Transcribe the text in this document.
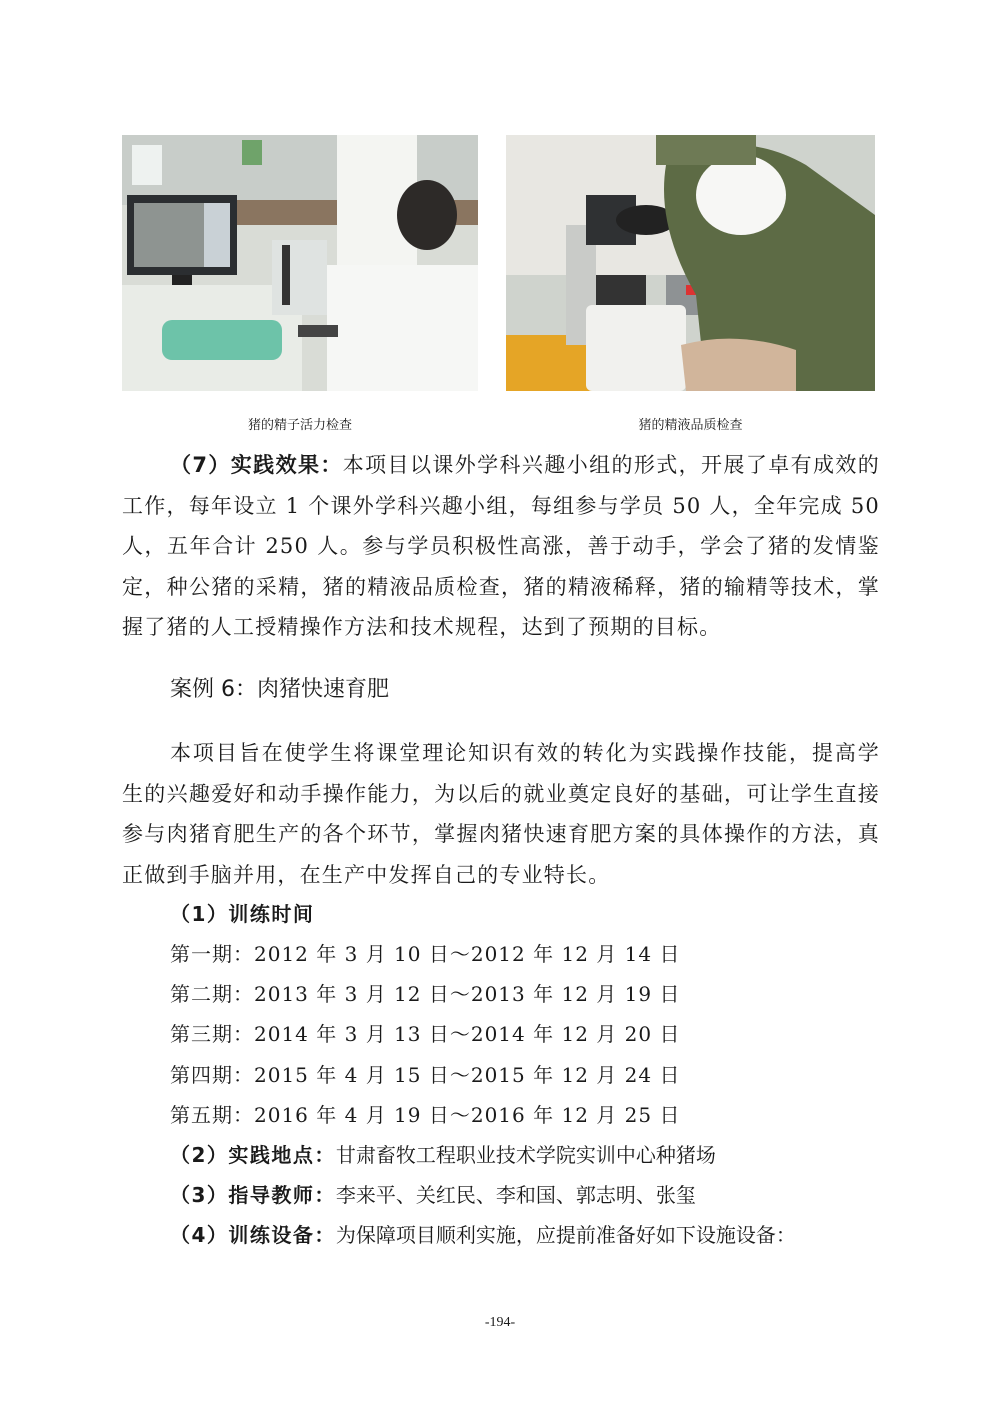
猪的精子活力检查	猪的精液品质检查

（7）实践效果：本项目以课外学科兴趣小组的形式，开展了卓有成效的工作，每年设立 1 个课外学科兴趣小组，每组参与学员 50 人，全年完成 50 人，五年合计 250 人。参与学员积极性高涨，善于动手，学会了猪的发情鉴定，种公猪的采精，猪的精液品质检查，猪的精液稀释，猪的输精等技术，掌握了猪的人工授精操作方法和技术规程，达到了预期的目标。

案例 6：肉猪快速育肥

本项目旨在使学生将课堂理论知识有效的转化为实践操作技能，提高学生的兴趣爱好和动手操作能力，为以后的就业奠定良好的基础，可让学生直接参与肉猪育肥生产的各个环节，掌握肉猪快速育肥方案的具体操作的方法，真正做到手脑并用，在生产中发挥自己的专业特长。

（1）训练时间

第一期：2012 年 3 月 10 日～2012 年 12 月 14 日

第二期：2013 年 3 月 12 日～2013 年 12 月 19 日

第三期：2014 年 3 月 13 日～2014 年 12 月 20 日

第四期：2015 年 4 月 15 日～2015 年 12 月 24 日

第五期：2016 年 4 月 19 日～2016 年 12 月 25 日

（2）实践地点：甘肃畜牧工程职业技术学院实训中心种猪场

（3）指导教师：李来平、关红民、李和国、郭志明、张玺

（4）训练设备：为保障项目顺利实施，应提前准备好如下设施设备：

-194-
